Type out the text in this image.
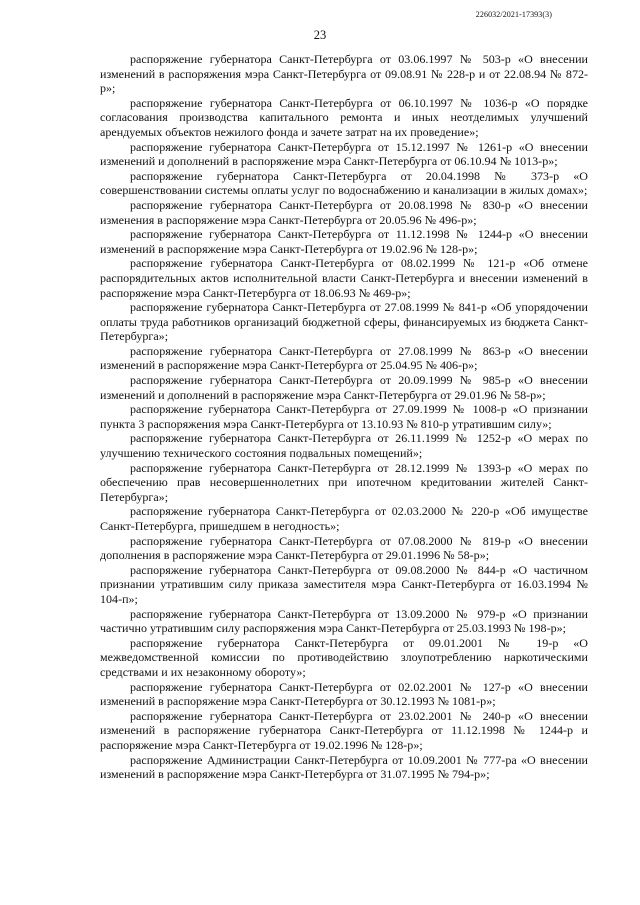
226032/2021-17393(3)
23

распоряжение губернатора Санкт-Петербурга от 03.06.1997 № 503-р «О внесении изменений в распоряжения мэра Санкт-Петербурга от 09.08.91 № 228-р и от 22.08.94 № 872-р»;

распоряжение губернатора Санкт-Петербурга от 06.10.1997 № 1036-р «О порядке согласования производства капитального ремонта и иных неотделимых улучшений арендуемых объектов нежилого фонда и зачете затрат на их проведение»;

распоряжение губернатора Санкт-Петербурга от 15.12.1997 № 1261-р «О внесении изменений и дополнений в распоряжение мэра Санкт-Петербурга от 06.10.94 № 1013-р»;

распоряжение губернатора Санкт-Петербурга от 20.04.1998 № 373-р «О совершенствовании системы оплаты услуг по водоснабжению и канализации в жилых домах»;

распоряжение губернатора Санкт-Петербурга от 20.08.1998 № 830-р «О внесении изменения в распоряжение мэра Санкт-Петербурга от 20.05.96 № 496-р»;

распоряжение губернатора Санкт-Петербурга от 11.12.1998 № 1244-р «О внесении изменений в распоряжение мэра Санкт-Петербурга от 19.02.96 № 128-р»;

распоряжение губернатора Санкт-Петербурга от 08.02.1999 № 121-р «Об отмене распорядительных актов исполнительной власти Санкт-Петербурга и внесении изменений в распоряжение мэра Санкт-Петербурга от 18.06.93 № 469-р»;

распоряжение губернатора Санкт-Петербурга от 27.08.1999 № 841-р «Об упорядочении оплаты труда работников организаций бюджетной сферы, финансируемых из бюджета Санкт-Петербурга»;

распоряжение губернатора Санкт-Петербурга от 27.08.1999 № 863-р «О внесении изменений в распоряжение мэра Санкт-Петербурга от 25.04.95 № 406-р»;

распоряжение губернатора Санкт-Петербурга от 20.09.1999 № 985-р «О внесении изменений и дополнений в распоряжение мэра Санкт-Петербурга от 29.01.96 № 58-р»;

распоряжение губернатора Санкт-Петербурга от 27.09.1999 № 1008-р «О признании пункта 3 распоряжения мэра Санкт-Петербурга от 13.10.93 № 810-р утратившим силу»;

распоряжение губернатора Санкт-Петербурга от 26.11.1999 № 1252-р «О мерах по улучшению технического состояния подвальных помещений»;

распоряжение губернатора Санкт-Петербурга от 28.12.1999 № 1393-р «О мерах по обеспечению прав несовершеннолетних при ипотечном кредитовании жителей Санкт-Петербурга»;

распоряжение губернатора Санкт-Петербурга от 02.03.2000 № 220-р «Об имуществе Санкт-Петербурга, пришедшем в негодность»;

распоряжение губернатора Санкт-Петербурга от 07.08.2000 № 819-р «О внесении дополнения в распоряжение мэра Санкт-Петербурга от 29.01.1996 № 58-р»;

распоряжение губернатора Санкт-Петербурга от 09.08.2000 № 844-р «О частичном признании утратившим силу приказа заместителя мэра Санкт-Петербурга от 16.03.1994 № 104-п»;

распоряжение губернатора Санкт-Петербурга от 13.09.2000 № 979-р «О признании частично утратившим силу распоряжения мэра Санкт-Петербурга от 25.03.1993 № 198-р»;

распоряжение губернатора Санкт-Петербурга от 09.01.2001 № 19-р «О межведомственной комиссии по противодействию злоупотреблению наркотическими средствами и их незаконному обороту»;

распоряжение губернатора Санкт-Петербурга от 02.02.2001 № 127-р «О внесении изменений в распоряжение мэра Санкт-Петербурга от 30.12.1993 № 1081-р»;

распоряжение губернатора Санкт-Петербурга от 23.02.2001 № 240-р «О внесении изменений в распоряжение губернатора Санкт-Петербурга от 11.12.1998 № 1244-р и распоряжение мэра Санкт-Петербурга от 19.02.1996 № 128-р»;

распоряжение Администрации Санкт-Петербурга от 10.09.2001 № 777-ра «О внесении изменений в распоряжение мэра Санкт-Петербурга от 31.07.1995 № 794-р»;
